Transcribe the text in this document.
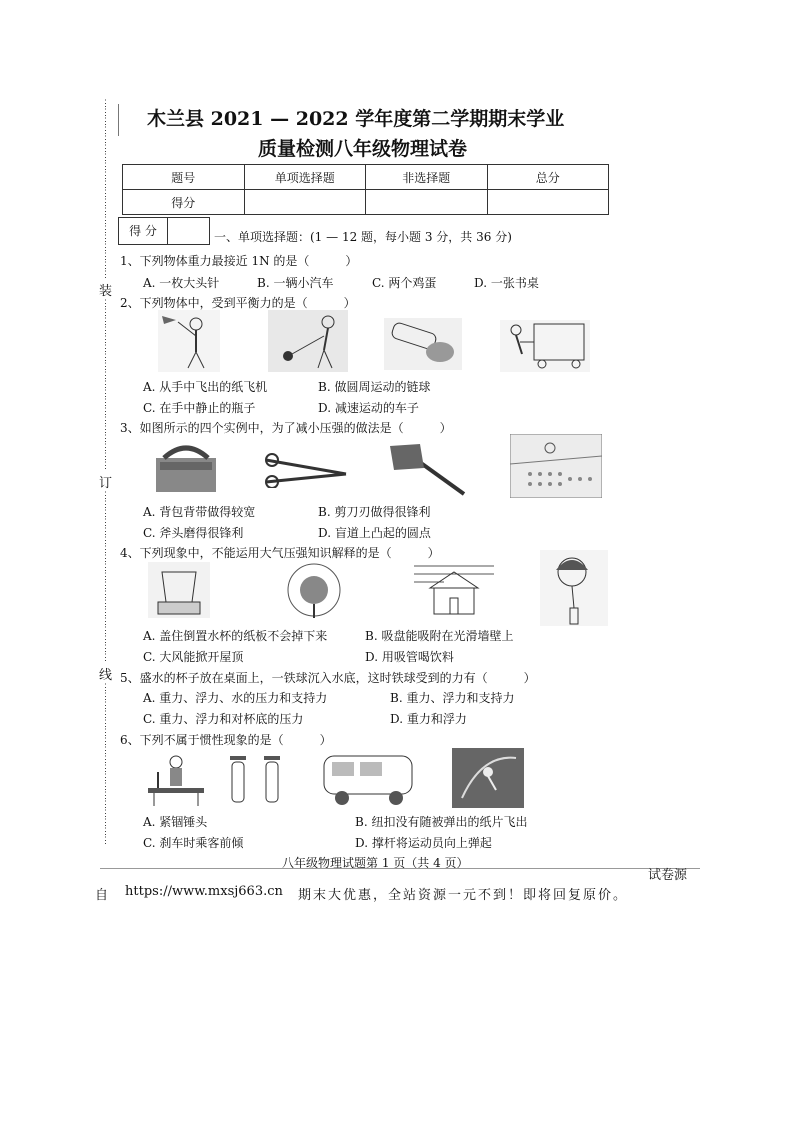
⋮
⋮
⋮
⋮
⋮
⋮
⋮
⋮
⋮
⋮
⋮
⋮
⋮
⋮
⋮
⋮
⋮
⋮
⋮
⋮
装
⋮
⋮
⋮
⋮
⋮
⋮
⋮
⋮
⋮
⋮
⋮
⋮
⋮
⋮
⋮
⋮
⋮
⋮
⋮
订
⋮
⋮
⋮
⋮
⋮
⋮
⋮
⋮
⋮
⋮
⋮
⋮
⋮
⋮
⋮
⋮
⋮
⋮
⋮
线
⋮
⋮
⋮
⋮
⋮
⋮
⋮
⋮
⋮
⋮
⋮
⋮
⋮
⋮
⋮
⋮
⋮
⋮
木兰县 2021 — 2022 学年度第二学期期末学业
质量检测八年级物理试卷
题号	单项选择题	非选择题	总分
得分			
得 分	一、单项选择题：(1 — 12 题，每小题 3 分，共 36 分)
1、下列物体重力最接近 1N 的是（　　　）
A. 一枚大头针	B. 一辆小汽车	C. 两个鸡蛋	D. 一张书桌
2、下列物体中，受到平衡力的是（　　　）
A. 从手中飞出的纸飞机	B. 做圆周运动的链球
C. 在手中静止的瓶子	D. 减速运动的车子
3、如图所示的四个实例中，为了减小压强的做法是（　　　）
A. 背包背带做得较宽	B. 剪刀刃做得很锋利
C. 斧头磨得很锋利	D. 盲道上凸起的圆点
4、下列现象中，不能运用大气压强知识解释的是（　　　）
A. 盖住倒置水杯的纸板不会掉下来	B. 吸盘能吸附在光滑墙壁上
C. 大风能掀开屋顶	D. 用吸管喝饮料
5、盛水的杯子放在桌面上，一铁球沉入水底，这时铁球受到的力有（　　　）
A. 重力、浮力、水的压力和支持力	B. 重力、浮力和支持力
C. 重力、浮力和对杯底的压力	D. 重力和浮力
6、下列不属于惯性现象的是（　　　）
A. 紧锢锤头	B. 纽扣没有随被弹出的纸片飞出
C. 刹车时乘客前倾	D. 撑杆将运动员向上弹起
八年级物理试题第 1 页（共 4 页）
试卷源
自 https://www.mxsj663.cn 期末大优惠，全站资源一元不到！即将回复原价。
